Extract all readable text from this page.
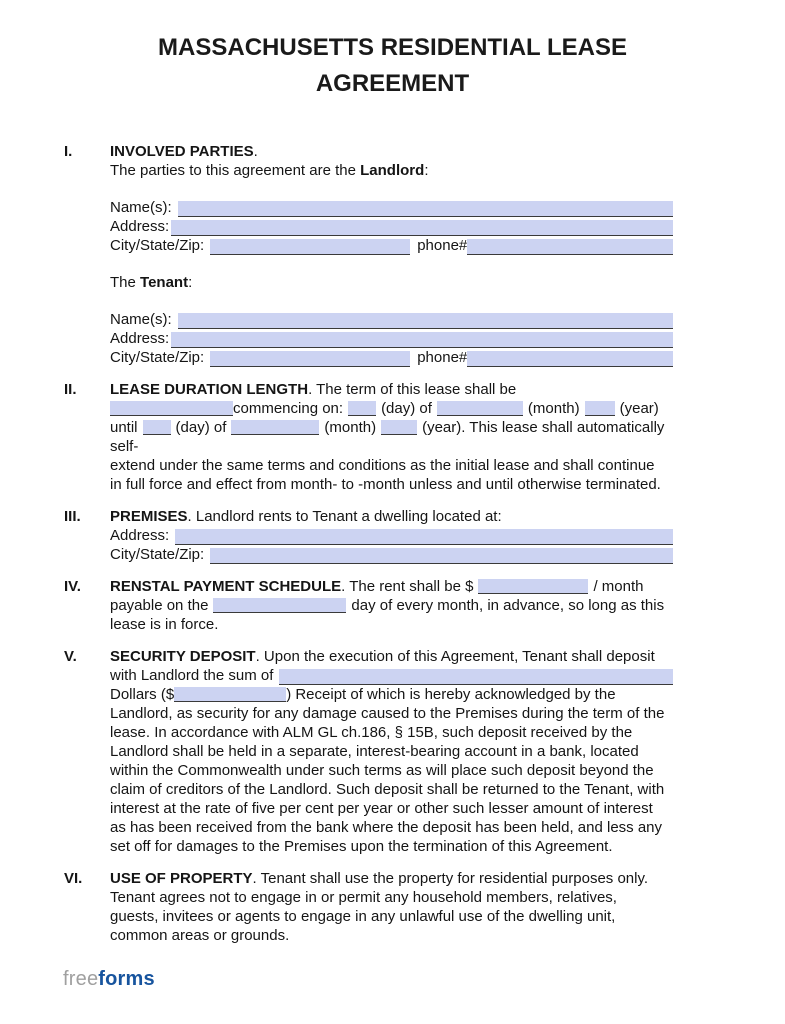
MASSACHUSETTS RESIDENTIAL LEASE
AGREEMENT
I.	INVOLVED PARTIES.
The parties to this agreement are the Landlord:
Name(s):
Address:
City/State/Zip:	phone#
The Tenant:
Name(s):
Address:
City/State/Zip:	phone#
II.	LEASE DURATION LENGTH. The term of this lease shall be
commencing on:	(day) of	(month)	(year)
until	(day) of	(month)	(year). This lease shall automatically self-
extend under the same terms and conditions as the initial lease and shall continue
in full force and effect from month- to -month unless and until otherwise terminated.
III.	PREMISES. Landlord rents to Tenant a dwelling located at:
Address:
City/State/Zip:
IV.	RENSTAL PAYMENT SCHEDULE. The rent shall be $	/ month
payable on the	day of every month, in advance, so long as this
lease is in force.
V.	SECURITY DEPOSIT. Upon the execution of this Agreement, Tenant shall deposit
with Landlord the sum of
Dollars ($	) Receipt of which is hereby acknowledged by the
Landlord, as security for any damage caused to the Premises during the term of the
lease. In accordance with ALM GL ch.186, § 15B, such deposit received by the
Landlord shall be held in a separate, interest-bearing account in a bank, located
within the Commonwealth under such terms as will place such deposit beyond the
claim of creditors of the Landlord. Such deposit shall be returned to the Tenant, with
interest at the rate of five per cent per year or other such lesser amount of interest
as has been received from the bank where the deposit has been held, and less any
set off for damages to the Premises upon the termination of this Agreement.
VI.	USE OF PROPERTY. Tenant shall use the property for residential purposes only.
Tenant agrees not to engage in or permit any household members, relatives,
guests, invitees or agents to engage in any unlawful use of the dwelling unit,
common areas or grounds.
freeforms
